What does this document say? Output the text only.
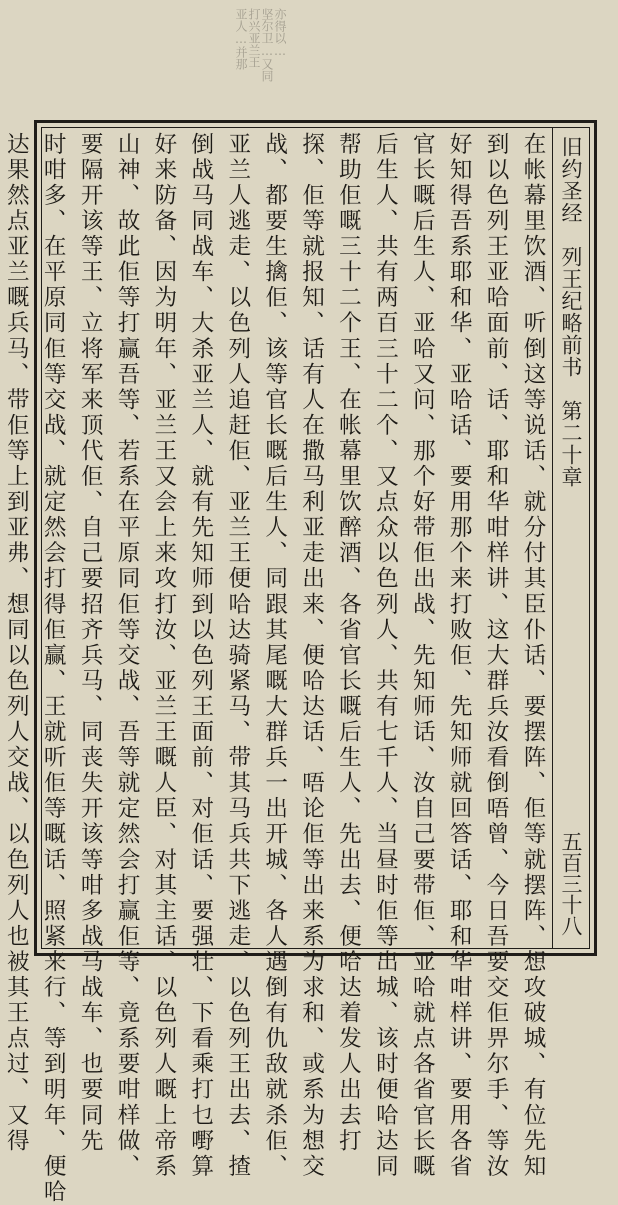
亦得以…
坚尔卫…又同
打兴亚兰王
亚人…并那
旧约圣经　列王纪略前书　第二十章
五百三十八
在帐幕里饮酒、听倒这等说话、就分付其臣仆话、要摆阵、佢等就摆阵、想攻破城、有位先知
到以色列王亚哈面前、话、耶和华咁样讲、这大群兵汝看倒唔曾、今日吾要交佢畀尔手、等汝
好知得吾系耶和华、亚哈话、要用那个来打败佢、先知师就回答话、耶和华咁样讲、要用各省
官长嘅后生人、亚哈又问、那个好带佢出战、先知师话、汝自己要带佢、亚哈就点各省官长嘅
后生人、共有两百三十二个、又点众以色列人、共有七千人、当昼时佢等出城、该时便哈达同
帮助佢嘅三十二个王、在帐幕里饮醉酒、各省官长嘅后生人、先出去、便哈达着发人出去打
探、佢等就报知、话有人在撒马利亚走出来、便哈达话、唔论佢等出来系为求和、或系为想交
战、都要生擒佢、该等官长嘅后生人、同跟其尾嘅大群兵一出开城、各人遇倒有仇敌就杀佢、
亚兰人逃走、以色列人追赶佢、亚兰王便哈达骑紧马、带其马兵共下逃走、以色列王出去、揸
倒战马同战车、大杀亚兰人、就有先知师到以色列王面前、对佢话、要强壮、下看乘打乜嘢算
好来防备、因为明年、亚兰王又会上来攻打汝、亚兰王嘅人臣、对其主话、以色列人嘅上帝系
山神、故此佢等打赢吾等、若系在平原同佢等交战、吾等就定然会打赢佢等、竟系要咁样做、
要隔开该等王、立将军来顶代佢、自己要招齐兵马、同丧失开该等咁多战马战车、也要同先
时咁多、在平原同佢等交战、就定然会打得佢赢、王就听佢等嘅话、照紧来行、等到明年、便哈
达果然点亚兰嘅兵马、带佢等上到亚弗、想同以色列人交战、以色列人也被其王点过、又得
